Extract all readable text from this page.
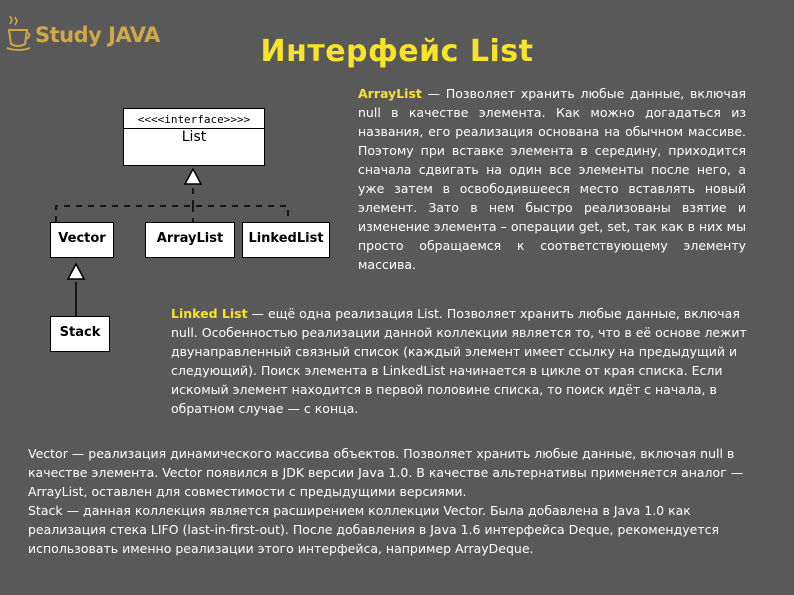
Study JAVA	Интерфейс List
<<<<interface>>>>
List
Vector	ArrayList	LinkedList
Stack
ArrayList — Позволяет хранить любые данные, включая null в качестве элемента. Как можно догадаться из названия, его реализация основана на обычном массиве. Поэтому при вставке элемента в середину, приходится сначала сдвигать на один все элементы после него, а уже затем в освободившееся место вставлять новый элемент. Зато в нем быстро реализованы взятие и изменение элемента – операции get, set, так как в них мы просто обращаемся к соответствующему элементу массива.
Linked List — ещё одна реализация List. Позволяет хранить любые данные, включая null. Особенностью реализации данной коллекции является то, что в её основе лежит двунаправленный связный список (каждый элемент имеет ссылку на предыдущий и следующий). Поиск элемента в LinkedList начинается в цикле от края списка. Если искомый элемент находится в первой половине списка, то поиск идёт с начала, в обратном случае — с конца.
Vector — реализация динамического массива объектов. Позволяет хранить любые данные, включая null в качестве элемента. Vector появился в JDK версии Java 1.0. В качестве альтернативы применяется аналог — ArrayList, оставлен для совместимости с предыдущими версиями.
Stack — данная коллекция является расширением коллекции Vector. Была добавлена в Java 1.0 как реализация стека LIFO (last-in-first-out). После добавления в Java 1.6 интерфейса Deque, рекомендуется использовать именно реализации этого интерфейса, например ArrayDeque.
